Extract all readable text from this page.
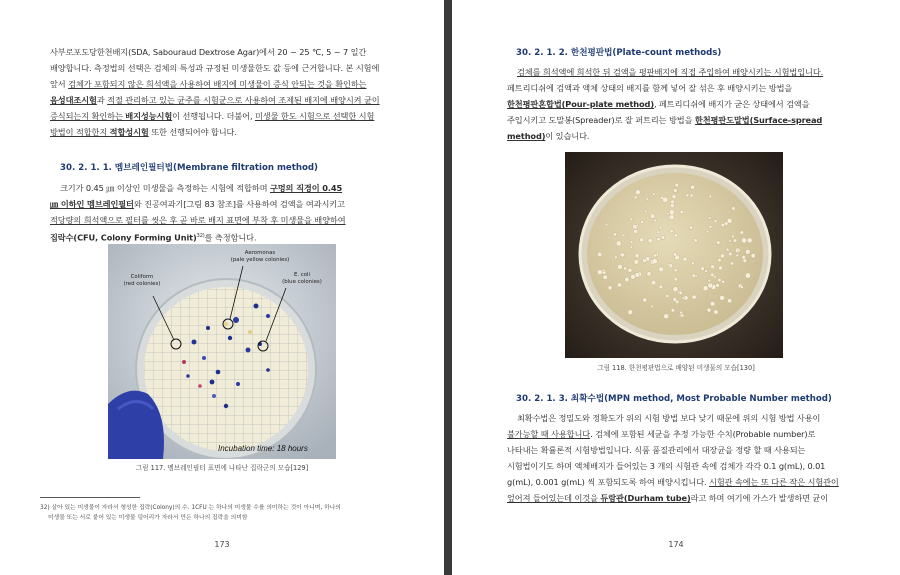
사부로포도당한천배지(SDA, Sabouraud Dextrose Agar)에서 20 ~ 25 ℃, 5 ~ 7 일간
배양합니다. 측정법의 선택은 검체의 특성과 규정된 미생물한도 값 등에 근거합니다. 본 시험에
앞서 검체가 포함되지 않은 희석액을 사용하여 배지에 미생물이 증식 안되는 것을 확인하는
음성대조시험과 적절 관리하고 있는 균주를 시험균으로 사용하여 조제된 배지에 배양시켜 균이
증식되는지 확인하는 배지성능시험이 선행됩니다. 더불어, 미생물 한도 시험으로 선택한 시험
방법이 적합한지 적합성시험 또한 선행되어야 합니다.
30. 2. 1. 1. 멤브레인필터법(Membrane filtration method)
크기가 0.45 ㎛ 이상인 미생물을 측정하는 시험에 적합하며 구멍의 직경이 0.45
㎛ 이하인 멤브레인필터와 진공여과기[그림 83 참조]를 사용하여 검액을 여과시키고
적당량의 희석액으로 필터를 씻은 후 곧 바로 배지 표면에 부착 후 미생물을 배양하여
집락수(CFU, Colony Forming Unit)$^{32)}$를 측정합니다.
Coliform
(red colonies)
Aeromonas
(pale yellow colonies)
E. coli
(blue colonies)
Incubation time: 18 hours
그림 117. 멤브레인필터 표면에 나타난 집락군의 모습[129]
32) 살아 있는 미생물이 자라서 형성한 집락(Colony)의 수. 1CFU 는 하나의 미생물 수를 의미하는 것이 아니며, 하나의
미생물 또는 서로 붙어 있는 미생물 덩어리가 자라서 만든 하나의 집락을 의미함
173
30. 2. 1. 2. 한천평판법(Plate-count methods)
검체를 희석액에 희석한 뒤 검액을 평판배지에 직접 주입하여 배양시키는 시험법입니다.
페트리디쉬에 검액과 액체 상태의 배지를 함께 넣어 잘 섞은 후 배양시키는 방법을
한천평판혼합법(Pour-plate method), 페트리디쉬에 배지가 굳은 상태에서 검액을
주입시키고 도말봉(Spreader)로 잘 퍼트리는 방법을 한천평판도말법(Surface-spread
method)이 있습니다.
그림 118. 한천평판법으로 배양된 미생물의 모습[130]
30. 2. 1. 3. 최확수법(MPN method, Most Probable Number method)
최확수법은 정밀도와 정확도가 위의 시험 방법 보다 낮기 때문에 위의 시험 방법 사용이
불가능할 때 사용합니다. 검체에 포함된 세균을 추정 가능한 수치(Probable number)로
나타내는 확률론적 시험방법입니다. 식품 품질관리에서 대장균을 정량 할 때 사용되는
시험법이기도 하며 액체배지가 들어있는 3 개의 시험관 속에 검체가 각각 0.1 g(mL), 0.01
g(mL), 0.001 g(mL) 씩 포함되도록 하여 배양시킵니다. 시험관 속에는 또 다른 작은 시험관이
엎어져 들어있는데 이것을 듀람관(Durham tube)라고 하며 여기에 가스가 발생하면 균이
174
